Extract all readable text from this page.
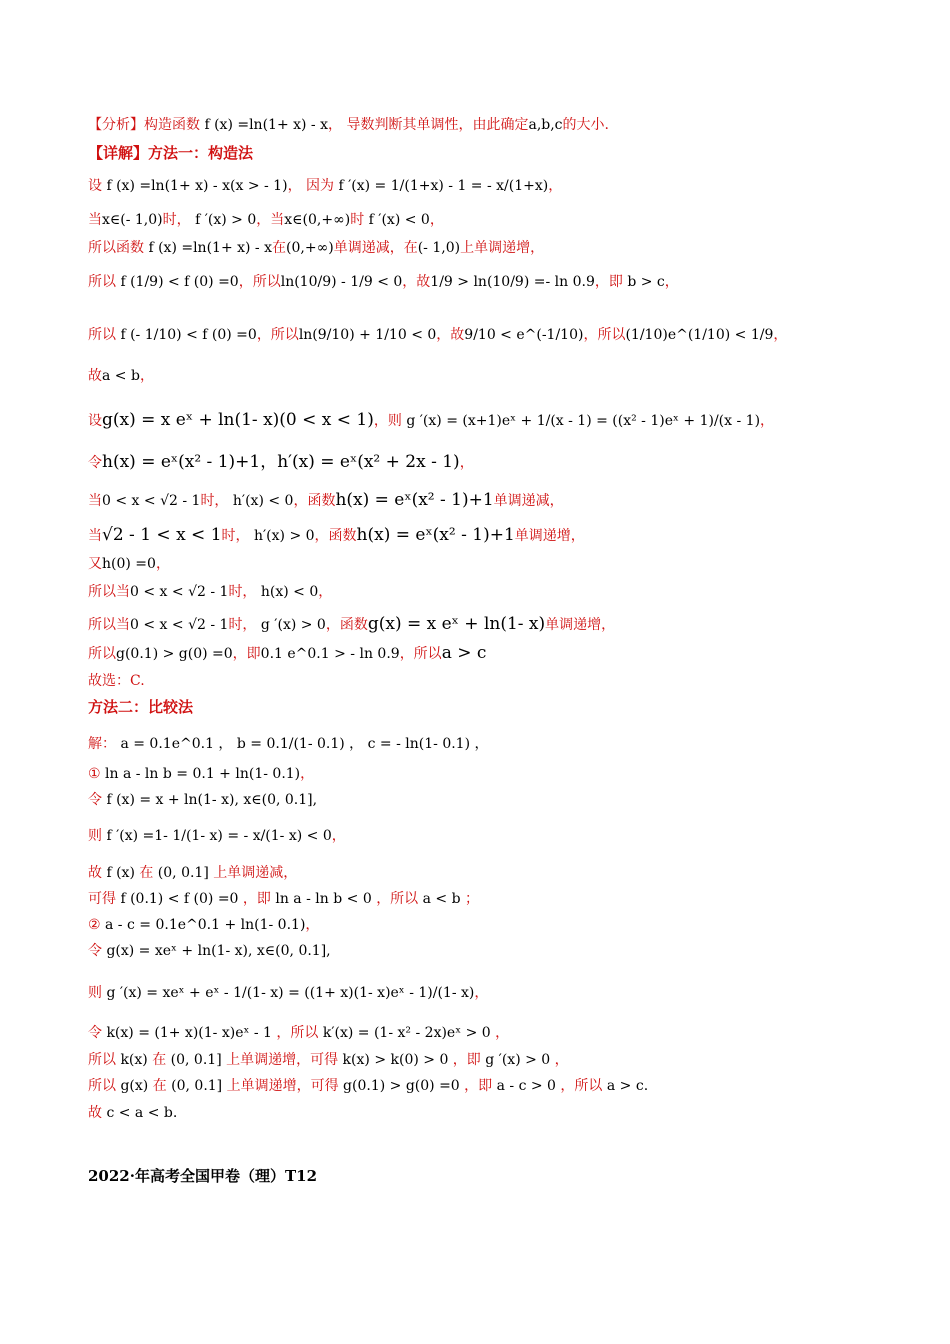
【分析】构造函数 f (x) =ln(1+ x) - x， 导数判断其单调性，由此确定a,b,c的大小.
【详解】方法一：构造法
设 f (x) =ln(1+ x) - x(x > - 1)， 因为 f ′(x) = 1/(1+x) - 1 = - x/(1+x)，
当x∈(- 1,0)时， f ′(x) > 0，当x∈(0,+∞)时 f ′(x) < 0，
所以函数 f (x) =ln(1+ x) - x在(0,+∞)单调递减，在(- 1,0)上单调递增，
所以 f (1/9) < f (0) =0，所以ln(10/9) - 1/9 < 0，故1/9 > ln(10/9) =- ln 0.9，即 b > c，
所以 f (- 1/10) < f (0) =0，所以ln(9/10) + 1/10 < 0，故9/10 < e^(-1/10)，所以(1/10)e^(1/10) < 1/9，
故a < b，
设g(x) = x eˣ + ln(1- x)(0 < x < 1)，则 g ′(x) = (x+1)eˣ + 1/(x - 1) = ((x² - 1)eˣ + 1)/(x - 1)，
令h(x) = eˣ(x² - 1)+1，h′(x) = eˣ(x² + 2x - 1)，
当0 < x < √2 - 1时， h′(x) < 0，函数h(x) = eˣ(x² - 1)+1单调递减，
当√2 - 1 < x < 1时， h′(x) > 0，函数h(x) = eˣ(x² - 1)+1单调递增，
又h(0) =0，
所以当0 < x < √2 - 1时， h(x) < 0，
所以当0 < x < √2 - 1时， g ′(x) > 0，函数g(x) = x eˣ + ln(1- x)单调递增，
所以g(0.1) > g(0) =0，即0.1 e^0.1 > - ln 0.9，所以a > c
故选：C.
方法二：比较法
解： a = 0.1e^0.1 ， b = 0.1/(1- 0.1) ， c = - ln(1- 0.1) ，
① ln a - ln b = 0.1 + ln(1- 0.1)，
令 f (x) = x + ln(1- x), x∈(0, 0.1],
则 f ′(x) =1- 1/(1- x) = - x/(1- x) < 0，
故 f (x) 在 (0, 0.1] 上单调递减，
可得 f (0.1) < f (0) =0 ，即 ln a - ln b < 0 ，所以 a < b ；
② a - c = 0.1e^0.1 + ln(1- 0.1)，
令 g(x) = xeˣ + ln(1- x), x∈(0, 0.1],
则 g ′(x) = xeˣ + eˣ - 1/(1- x) = ((1+ x)(1- x)eˣ - 1)/(1- x)，
令 k(x) = (1+ x)(1- x)eˣ - 1 ，所以 k′(x) = (1- x² - 2x)eˣ > 0 ，
所以 k(x) 在 (0, 0.1] 上单调递增，可得 k(x) > k(0) > 0 ，即 g ′(x) > 0 ，
所以 g(x) 在 (0, 0.1] 上单调递增，可得 g(0.1) > g(0) =0 ，即 a - c > 0 ，所以 a > c.
故 c < a < b.
2022·年高考全国甲卷（理）T12
